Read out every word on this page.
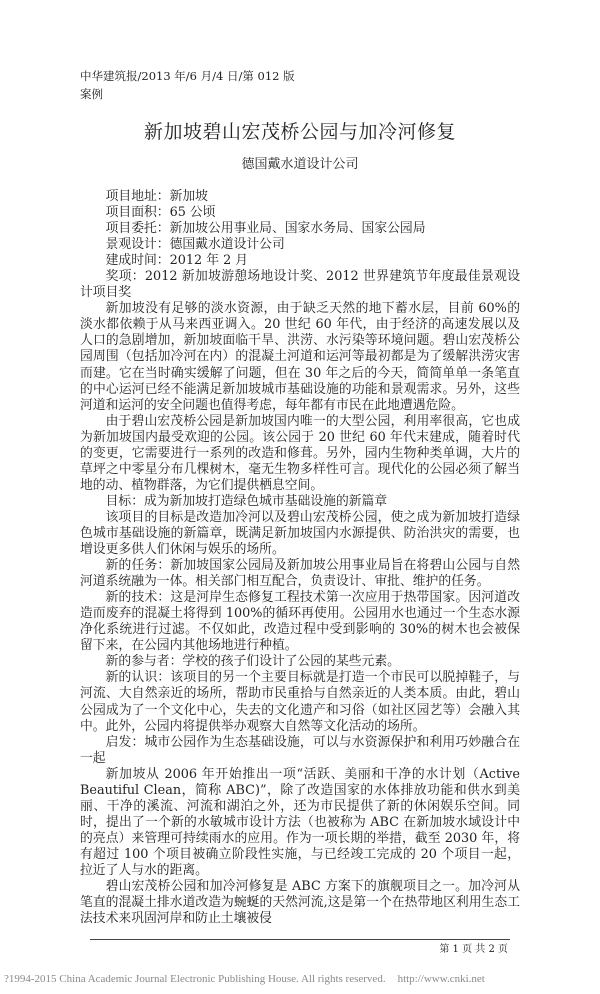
中华建筑报/2013 年/6 月/4 日/第 012 版
案例
新加坡碧山宏茂桥公园与加冷河修复
德国戴水道设计公司

项目地址：新加坡

项目面积：65 公顷

项目委托：新加坡公用事业局、国家水务局、国家公园局

景观设计：德国戴水道设计公司

建成时间：2012 年 2 月

奖项：2012 新加坡游憩场地设计奖、2012 世界建筑节年度最佳景观设计项目奖

新加坡没有足够的淡水资源，由于缺乏天然的地下蓄水层，目前 60%的淡水都依赖于从马来西亚调入。20 世纪 60 年代，由于经济的高速发展以及人口的急剧增加，新加坡面临干旱、洪涝、水污染等环境问题。碧山宏茂桥公园周围（包括加冷河在内）的混凝土河道和运河等最初都是为了缓解洪涝灾害而建。它在当时确实缓解了问题，但在 30 年之后的今天，简简单单一条笔直的中心运河已经不能满足新加坡城市基础设施的功能和景观需求。另外，这些河道和运河的安全问题也值得考虑，每年都有市民在此地遭遇危险。

由于碧山宏茂桥公园是新加坡国内唯一的大型公园，利用率很高，它也成为新加坡国内最受欢迎的公园。该公园于 20 世纪 60 年代末建成，随着时代的变更，它需要进行一系列的改造和修葺。另外，园内生物种类单调，大片的草坪之中零星分布几棵树木，毫无生物多样性可言。现代化的公园必须了解当地的动、植物群落，为它们提供栖息空间。

目标：成为新加坡打造绿色城市基础设施的新篇章

该项目的目标是改造加冷河以及碧山宏茂桥公园，使之成为新加坡打造绿色城市基础设施的新篇章，既满足新加坡国内水源提供、防治洪灾的需要，也增设更多供人们休闲与娱乐的场所。

新的任务：新加坡国家公园局及新加坡公用事业局旨在将碧山公园与自然河道系统融为一体。相关部门相互配合，负责设计、审批、维护的任务。

新的技术：这是河岸生态修复工程技术第一次应用于热带国家。因河道改造而废弃的混凝土将得到 100%的循环再使用。公园用水也通过一个生态水源净化系统进行过滤。不仅如此，改造过程中受到影响的 30%的树木也会被保留下来，在公园内其他场地进行种植。

新的参与者：学校的孩子们设计了公园的某些元素。

新的认识：该项目的另一个主要目标就是打造一个市民可以脱掉鞋子，与河流、大自然亲近的场所，帮助市民重拾与自然亲近的人类本质。由此，碧山公园成为了一个文化中心，失去的文化遗产和习俗（如社区园艺等）会融入其中。此外，公园内将提供举办观察大自然等文化活动的场所。

启发：城市公园作为生态基础设施，可以与水资源保护和利用巧妙融合在一起

新加坡从 2006 年开始推出一项“活跃、美丽和干净的水计划（Active Beautiful Clean，简称 ABC)”，除了改造国家的水体排放功能和供水到美丽、干净的溪流、河流和湖泊之外，还为市民提供了新的休闲娱乐空间。同时，提出了一个新的水敏城市设计方法（也被称为 ABC 在新加坡水域设计中的亮点）来管理可持续雨水的应用。作为一项长期的举措，截至 2030 年，将有超过 100 个项目被确立阶段性实施，与已经竣工完成的 20 个项目一起，拉近了人与水的距离。

碧山宏茂桥公园和加冷河修复是 ABC 方案下的旗舰项目之一。加冷河从笔直的混凝土排水道改造为蜿蜒的天然河流,这是第一个在热带地区利用生态工法技术来巩固河岸和防止土壤被侵

第 1 页 共 2 页
?1994-2015 China Academic Journal Electronic Publishing House. All rights reserved. http://www.cnki.net
